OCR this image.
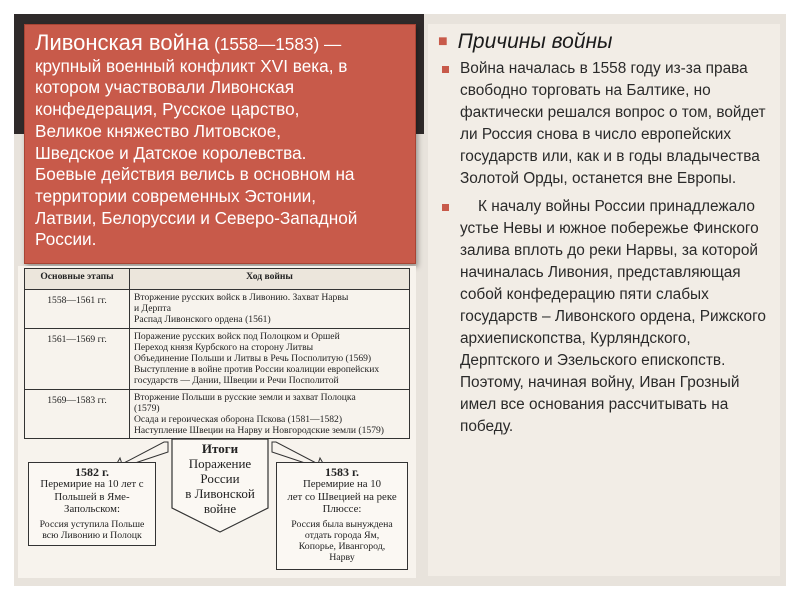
Ливонская война (1558—1583) —
крупный военный конфликт XVI века, в
котором участвовали Ливонская
конфедерация, Русское царство,
Великое княжество Литовское,
Шведское и Датское королевства.
Боевые действия велись в основном на
территории современных Эстонии,
Латвии, Белоруссии и Северо-Западной
России.
■ Причины войны
Война началась в 1558 году из-за права свободно торговать на Балтике, но фактически решался вопрос о том, войдет ли Россия снова в число европейских государств или, как и в годы владычества Золотой Орды, останется вне Европы.
К началу войны России принадлежало устье Невы и южное побережье Финского залива вплоть до реки Нарвы, за которой начиналась Ливония, представляющая собой конфедерацию пяти слабых государств – Ливонского ордена, Рижского архиепископства, Курляндского, Дерптского и Эзельского епископств. Поэтому, начиная войну, Иван Грозный имел все основания рассчитывать на победу.
Основные этапы	Ход войны
1558—1561 гг.	Вторжение русских войск в Ливонию. Захват Нарвы
и Дерпта
Распад Ливонского ордена (1561)

1561—1569 гг.	Поражение русских войск под Полоцком и Оршей
Переход князя Курбского на сторону Литвы
Объединение Польши и Литвы в Речь Посполитую (1569)
Выступление в войне против России коалиции европейских
государств — Дании, Швеции и Речи Посполитой

1569—1583 гг.	Вторжение Польши в русские земли и захват Полоцка
(1579)
Осада и героическая оборона Пскова (1581—1582)
Наступление Швеции на Нарву и Новгородские земли (1579)
Итоги
Поражение
России
в Ливонской
войне
1582 г.
Перемирие на 10 лет с
Польшей в Яме-
Запольском:
Россия уступила Польше
всю Ливонию и Полоцк
1583 г.
Перемирие на 10
лет со Швецией на реке
Плюссе:
Россия была вынуждена
отдать города Ям,
Копорье, Ивангород,
Нарву
